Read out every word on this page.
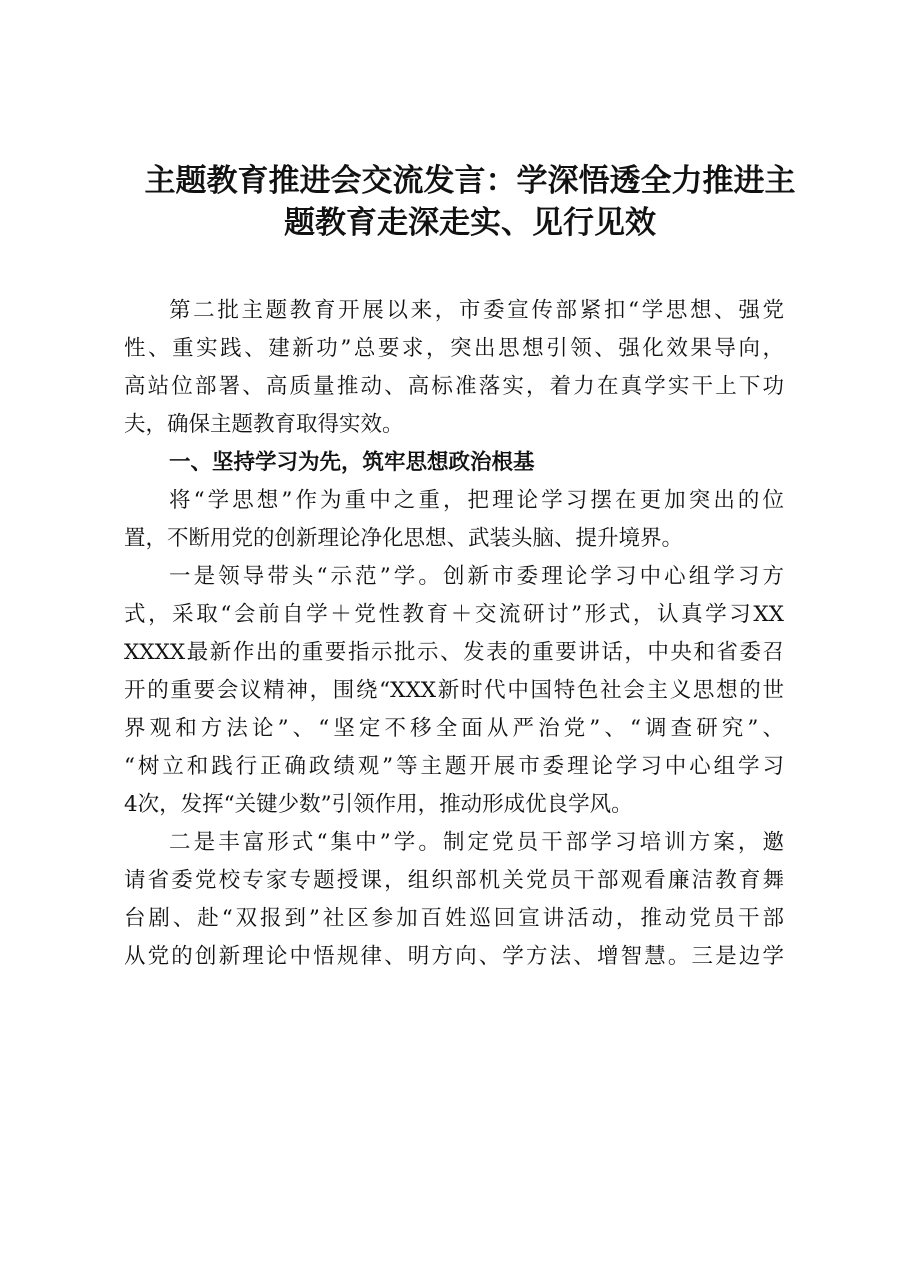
主题教育推进会交流发言：学深悟透全力推进主
题教育走深走实、见行见效
第二批主题教育开展以来，市委宣传部紧扣“学思想、强党
性、重实践、建新功”总要求，突出思想引领、强化效果导向，
高站位部署、高质量推动、高标准落实，着力在真学实干上下功
夫，确保主题教育取得实效。
一、坚持学习为先，筑牢思想政治根基
将“学思想”作为重中之重，把理论学习摆在更加突出的位
置，不断用党的创新理论净化思想、武装头脑、提升境界。
一是领导带头“示范”学。创新市委理论学习中心组学习方
式，采取“会前自学＋党性教育＋交流研讨”形式，认真学习XX
XXXX最新作出的重要指示批示、发表的重要讲话，中央和省委召
开的重要会议精神，围绕“XXX新时代中国特色社会主义思想的世
界观和方法论”、“坚定不移全面从严治党”、“调查研究”、
“树立和践行正确政绩观”等主题开展市委理论学习中心组学习
4次，发挥“关键少数”引领作用，推动形成优良学风。
二是丰富形式“集中”学。制定党员干部学习培训方案，邀
请省委党校专家专题授课，组织部机关党员干部观看廉洁教育舞
台剧、赴“双报到”社区参加百姓巡回宣讲活动，推动党员干部
从党的创新理论中悟规律、明方向、学方法、增智慧。三是边学
